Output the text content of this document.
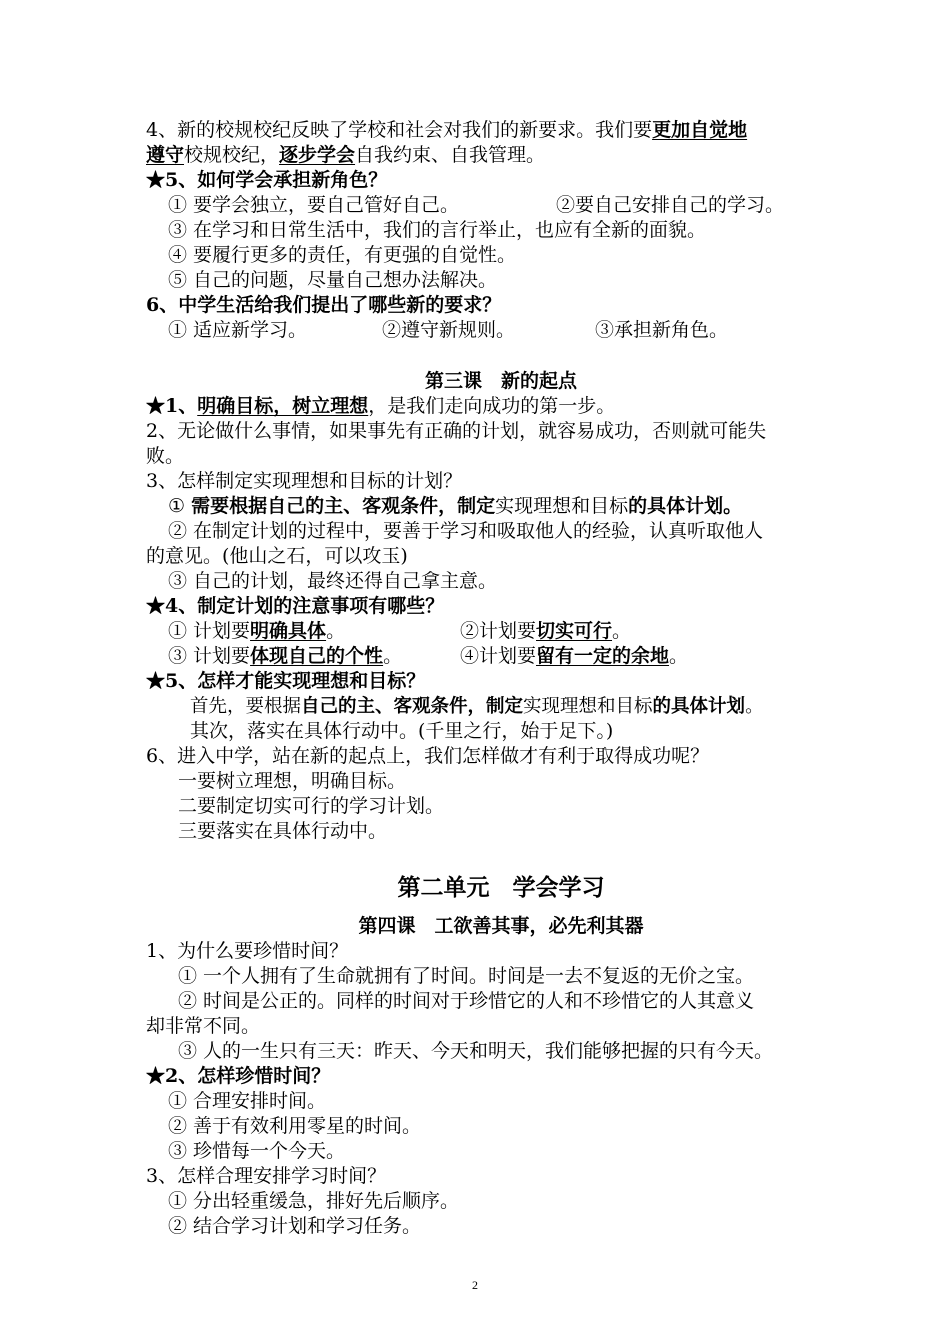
4、新的校规校纪反映了学校和社会对我们的新要求。我们要更加自觉地
遵守校规校纪，逐步学会自我约束、自我管理。
★5、如何学会承担新角色？
① 要学会独立，要自己管好自己。	②要自己安排自己的学习。
③ 在学习和日常生活中，我们的言行举止，也应有全新的面貌。
④ 要履行更多的责任，有更强的自觉性。
⑤ 自己的问题，尽量自己想办法解决。
6、中学生活给我们提出了哪些新的要求？
① 适应新学习。	②遵守新规则。	③承担新角色。
第三课　新的起点
★1、明确目标，树立理想，是我们走向成功的第一步。
2、无论做什么事情，如果事先有正确的计划，就容易成功，否则就可能失
败。
3、怎样制定实现理想和目标的计划？
① 需要根据自己的主、客观条件，制定实现理想和目标的具体计划。
② 在制定计划的过程中，要善于学习和吸取他人的经验，认真听取他人
的意见。(他山之石，可以攻玉)
③ 自己的计划，最终还得自己拿主意。
★4、制定计划的注意事项有哪些？
① 计划要明确具体。	②计划要切实可行。
③ 计划要体现自己的个性。	④计划要留有一定的余地。
★5、怎样才能实现理想和目标？
首先，要根据自己的主、客观条件，制定实现理想和目标的具体计划。
其次，落实在具体行动中。(千里之行，始于足下。)
6、进入中学，站在新的起点上，我们怎样做才有利于取得成功呢？
一要树立理想，明确目标。
二要制定切实可行的学习计划。
三要落实在具体行动中。
第二单元　学会学习
第四课　工欲善其事，必先利其器
1、为什么要珍惜时间？
① 一个人拥有了生命就拥有了时间。时间是一去不复返的无价之宝。
② 时间是公正的。同样的时间对于珍惜它的人和不珍惜它的人其意义
却非常不同。
③ 人的一生只有三天：昨天、今天和明天，我们能够把握的只有今天。
★2、怎样珍惜时间？
① 合理安排时间。
② 善于有效利用零星的时间。
③ 珍惜每一个今天。
3、怎样合理安排学习时间？
① 分出轻重缓急，排好先后顺序。
② 结合学习计划和学习任务。
2
